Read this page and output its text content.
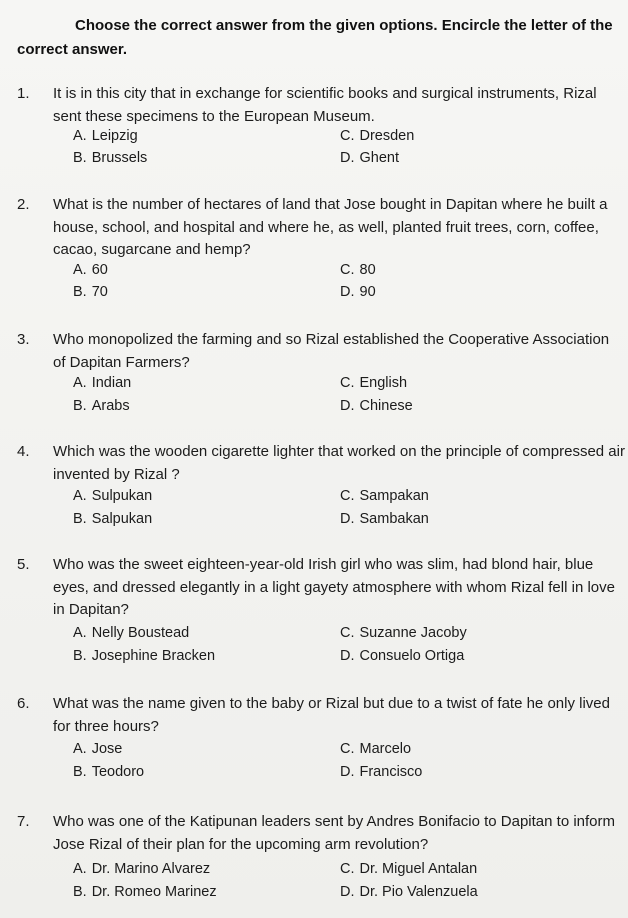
Choose the correct answer from the given options. Encircle the letter of the correct answer.
1. It is in this city that in exchange for scientific books and surgical instruments, Rizal sent these specimens to the European Museum.
A. Leipzig	C. Dresden
B. Brussels	D. Ghent
2. What is the number of hectares of land that Jose bought in Dapitan where he built a house, school, and hospital and where he, as well, planted fruit trees, corn, coffee, cacao, sugarcane and hemp?
A. 60	C. 80
B. 70	D. 90
3. Who monopolized the farming and so Rizal established the Cooperative Association of Dapitan Farmers?
A. Indian	C. English
B. Arabs	D. Chinese
4. Which was the wooden cigarette lighter that worked on the principle of compressed air invented by Rizal ?
A. Sulpukan	C. Sampakan
B. Salpukan	D. Sambakan
5. Who was the sweet eighteen-year-old Irish girl who was slim, had blond hair, blue eyes, and dressed elegantly in a light gayety atmosphere with whom Rizal fell in love in Dapitan?
A. Nelly Boustead	C. Suzanne Jacoby
B. Josephine Bracken	D. Consuelo Ortiga
6. What was the name given to the baby or Rizal but due to a twist of fate he only lived for three hours?
A. Jose	C. Marcelo
B. Teodoro	D. Francisco
7. Who was one of the Katipunan leaders sent by Andres Bonifacio to Dapitan to inform Jose Rizal of their plan for the upcoming arm revolution?
A. Dr. Marino Alvarez	C. Dr. Miguel Antalan
B. Dr. Romeo Marinez	D. Dr. Pio Valenzuela
